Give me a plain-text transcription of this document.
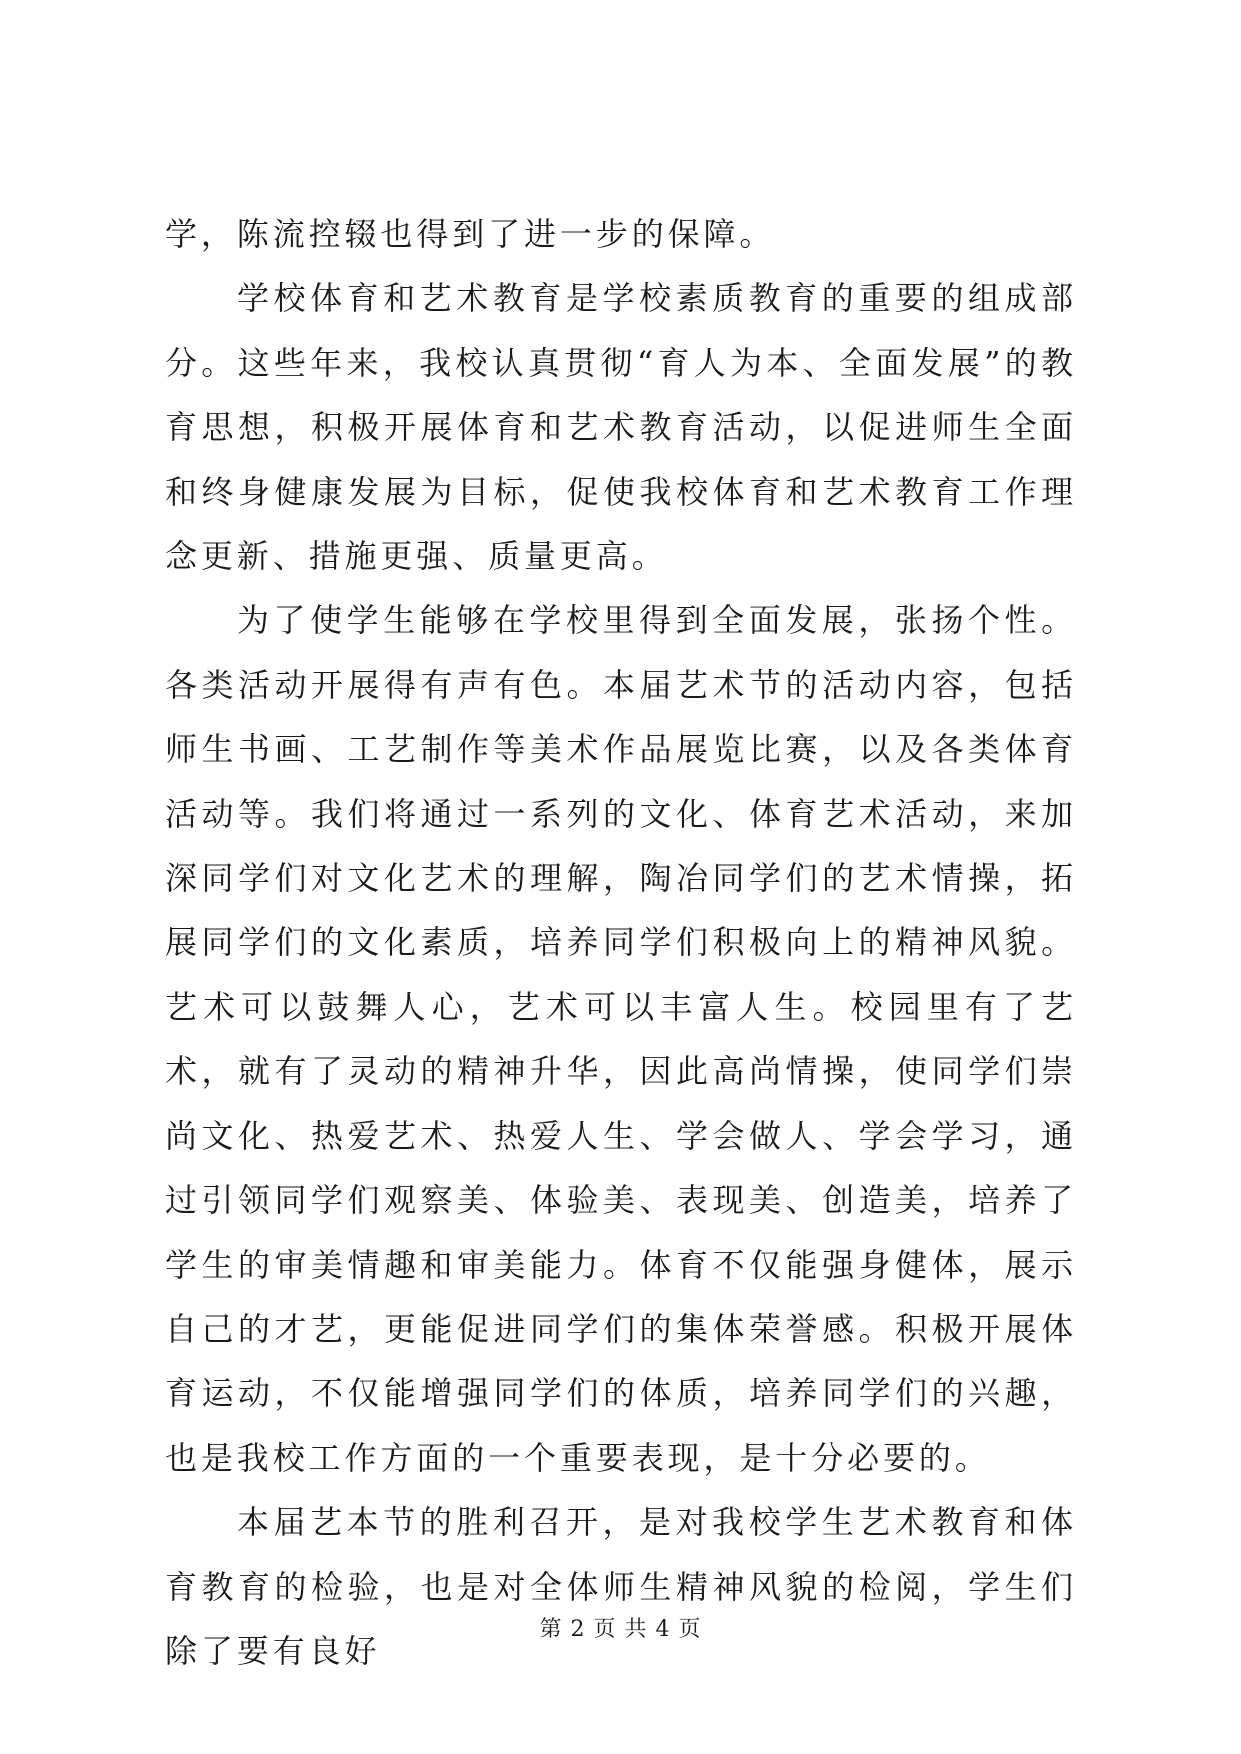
学，陈流控辍也得到了进一步的保障。

学校体育和艺术教育是学校素质教育的重要的组成部分。这些年来，我校认真贯彻“育人为本、全面发展”的教育思想，积极开展体育和艺术教育活动，以促进师生全面和终身健康发展为目标，促使我校体育和艺术教育工作理念更新、措施更强、质量更高。

为了使学生能够在学校里得到全面发展，张扬个性。各类活动开展得有声有色。本届艺术节的活动内容，包括师生书画、工艺制作等美术作品展览比赛，以及各类体育活动等。我们将通过一系列的文化、体育艺术活动，来加深同学们对文化艺术的理解，陶冶同学们的艺术情操，拓展同学们的文化素质，培养同学们积极向上的精神风貌。艺术可以鼓舞人心，艺术可以丰富人生。校园里有了艺术，就有了灵动的精神升华，因此高尚情操，使同学们崇尚文化、热爱艺术、热爱人生、学会做人、学会学习，通过引领同学们观察美、体验美、表现美、创造美，培养了学生的审美情趣和审美能力。体育不仅能强身健体，展示自己的才艺，更能促进同学们的集体荣誉感。积极开展体育运动，不仅能增强同学们的体质，培养同学们的兴趣，也是我校工作方面的一个重要表现，是十分必要的。

本届艺本节的胜利召开，是对我校学生艺术教育和体育教育的检验，也是对全体师生精神风貌的检阅，学生们除了要有良好

第 2 页 共 4 页
